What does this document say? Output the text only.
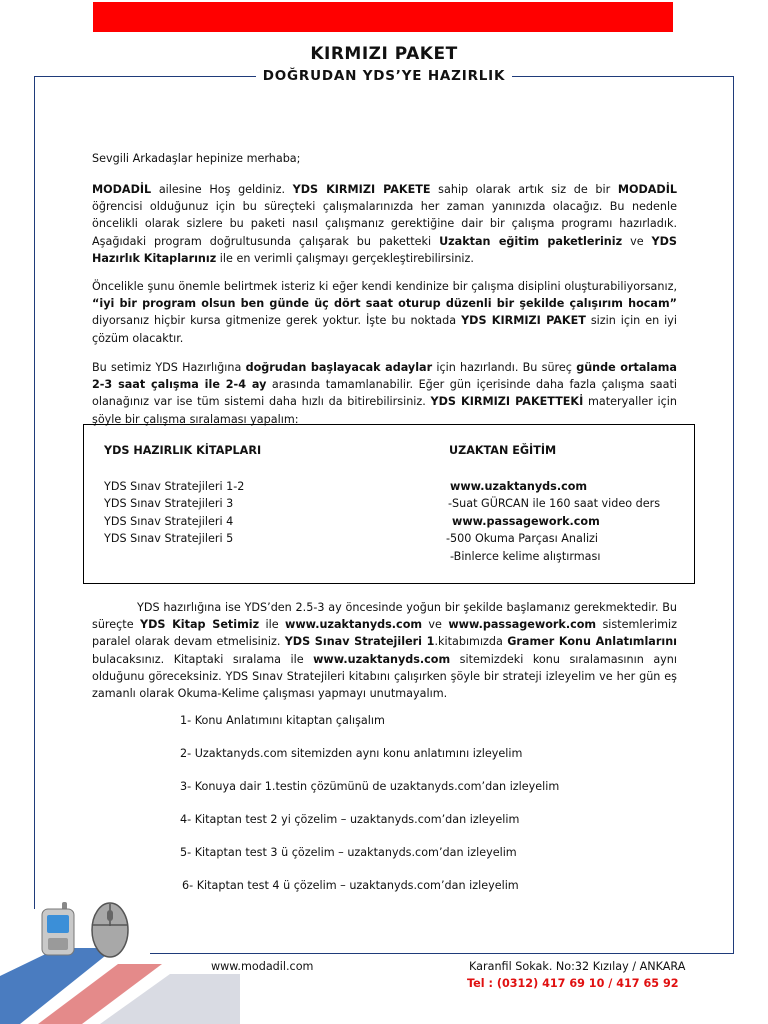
KIRMIZI PAKET
DOĞRUDAN YDS’YE HAZIRLIK

Sevgili Arkadaşlar hepinize merhaba;

MODADİL ailesine Hoş geldiniz. YDS KIRMIZI PAKETE sahip olarak artık siz de bir MODADİL öğrencisi olduğunuz için bu süreçteki çalışmalarınızda her zaman yanınızda olacağız. Bu nedenle öncelikli olarak sizlere bu paketi nasıl çalışmanız gerektiğine dair bir çalışma programı hazırladık. Aşağıdaki program doğrultusunda çalışarak bu paketteki Uzaktan eğitim paketleriniz ve YDS Hazırlık Kitaplarınız ile en verimli çalışmayı gerçekleştirebilirsiniz.

Öncelikle şunu önemle belirtmek isteriz ki eğer kendi kendinize bir çalışma disiplini oluşturabiliyorsanız, “iyi bir program olsun ben günde üç dört saat oturup düzenli bir şekilde çalışırım hocam” diyorsanız hiçbir kursa gitmenize gerek yoktur. İşte bu noktada YDS KIRMIZI PAKET sizin için en iyi çözüm olacaktır.

Bu setimiz YDS Hazırlığına doğrudan başlayacak adaylar için hazırlandı. Bu süreç günde ortalama 2-3 saat çalışma ile 2-4 ay arasında tamamlanabilir. Eğer gün içerisinde daha fazla çalışma saati olanağınız var ise tüm sistemi daha hızlı da bitirebilirsiniz. YDS KIRMIZI PAKETTEKİ materyaller için şöyle bir çalışma sıralaması yapalım:

YDS HAZIRLIK KİTAPLARI	UZAKTAN EĞİTİM
YDS Sınav Stratejileri 1-2
YDS Sınav Stratejileri 3
YDS Sınav Stratejileri 4
YDS Sınav Stratejileri 5
www.uzaktanyds.com
-Suat GÜRCAN ile 160 saat video ders
www.passagework.com
-500 Okuma Parçası Analizi
-Binlerce kelime alıştırması

YDS hazırlığına ise YDS’den 2.5-3 ay öncesinde yoğun bir şekilde başlamanız gerekmektedir. Bu süreçte YDS Kitap Setimiz ile www.uzaktanyds.com ve www.passagework.com sistemlerimiz paralel olarak devam etmelisiniz. YDS Sınav Stratejileri 1.kitabımızda Gramer Konu Anlatımlarını bulacaksınız. Kitaptaki sıralama ile www.uzaktanyds.com sitemizdeki konu sıralamasının aynı olduğunu göreceksiniz. YDS Sınav Stratejileri kitabını çalışırken şöyle bir strateji izleyelim ve her gün eş zamanlı olarak Okuma-Kelime çalışması yapmayı unutmayalım.

1- Konu Anlatımını kitaptan çalışalım
2- Uzaktanyds.com sitemizden aynı konu anlatımını izleyelim
3- Konuya dair 1.testin çözümünü de uzaktanyds.com’dan izleyelim
4- Kitaptan test 2 yi çözelim – uzaktanyds.com’dan izleyelim
5- Kitaptan test 3 ü çözelim – uzaktanyds.com’dan izleyelim
6- Kitaptan test 4 ü çözelim – uzaktanyds.com’dan izleyelim
www.modadil.com	Karanfil Sokak. No:32 Kızılay / ANKARA
Tel : (0312) 417 69 10 / 417 65 92
